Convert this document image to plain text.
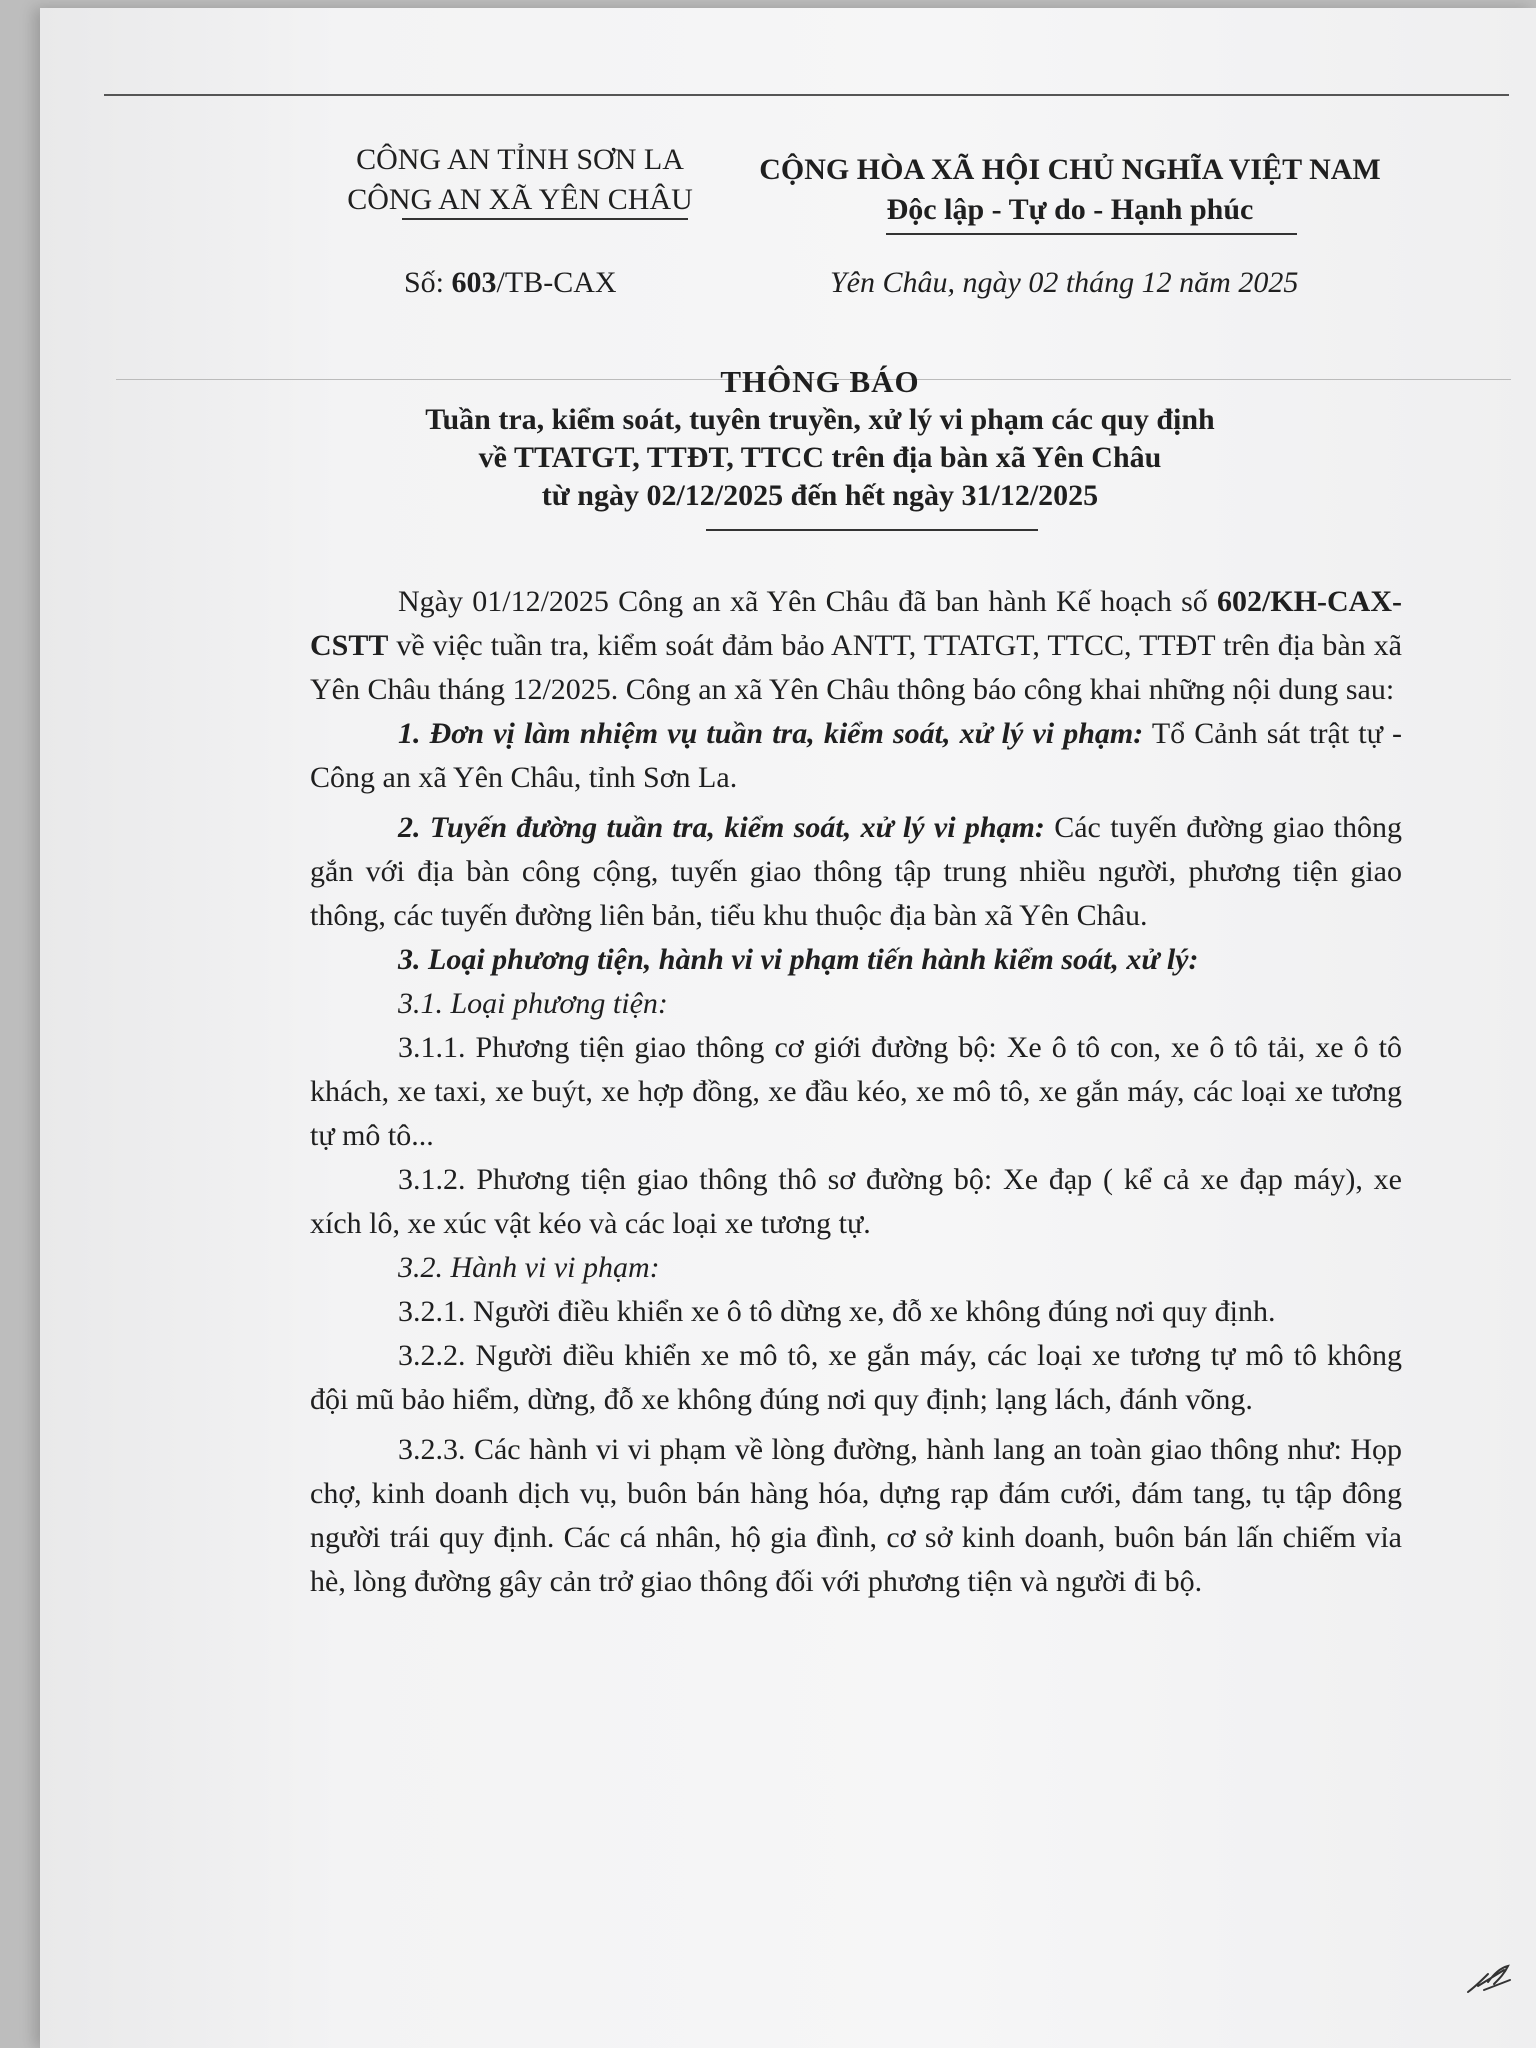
CÔNG AN TỈNH SƠN LA
CÔNG AN XÃ YÊN CHÂU
CỘNG HÒA XÃ HỘI CHỦ NGHĨA VIỆT NAM
Độc lập - Tự do - Hạnh phúc
Số: 603/TB-CAX	Yên Châu, ngày 02 tháng 12 năm 2025
THÔNG BÁO
Tuần tra, kiểm soát, tuyên truyền, xử lý vi phạm các quy định
về TTATGT, TTĐT, TTCC trên địa bàn xã Yên Châu
từ ngày 02/12/2025 đến hết ngày 31/12/2025

Ngày 01/12/2025 Công an xã Yên Châu đã ban hành Kế hoạch số 602/KH-CAX-CSTT về việc tuần tra, kiểm soát đảm bảo ANTT, TTATGT, TTCC, TTĐT trên địa bàn xã Yên Châu tháng 12/2025. Công an xã Yên Châu thông báo công khai những nội dung sau:

1. Đơn vị làm nhiệm vụ tuần tra, kiểm soát, xử lý vi phạm: Tổ Cảnh sát trật tự - Công an xã Yên Châu, tỉnh Sơn La.

2. Tuyến đường tuần tra, kiểm soát, xử lý vi phạm: Các tuyến đường giao thông gắn với địa bàn công cộng, tuyến giao thông tập trung nhiều người, phương tiện giao thông, các tuyến đường liên bản, tiểu khu thuộc địa bàn xã Yên Châu.

3. Loại phương tiện, hành vi vi phạm tiến hành kiểm soát, xử lý:

3.1. Loại phương tiện:

3.1.1. Phương tiện giao thông cơ giới đường bộ: Xe ô tô con, xe ô tô tải, xe ô tô khách, xe taxi, xe buýt, xe hợp đồng, xe đầu kéo, xe mô tô, xe gắn máy, các loại xe tương tự mô tô...

3.1.2. Phương tiện giao thông thô sơ đường bộ: Xe đạp ( kể cả xe đạp máy), xe xích lô, xe xúc vật kéo và các loại xe tương tự.

3.2. Hành vi vi phạm:

3.2.1. Người điều khiển xe ô tô dừng xe, đỗ xe không đúng nơi quy định.

3.2.2. Người điều khiển xe mô tô, xe gắn máy, các loại xe tương tự mô tô không đội mũ bảo hiểm, dừng, đỗ xe không đúng nơi quy định; lạng lách, đánh võng.

3.2.3. Các hành vi vi phạm về lòng đường, hành lang an toàn giao thông như: Họp chợ, kinh doanh dịch vụ, buôn bán hàng hóa, dựng rạp đám cưới, đám tang, tụ tập đông người trái quy định. Các cá nhân, hộ gia đình, cơ sở kinh doanh, buôn bán lấn chiếm vỉa hè, lòng đường gây cản trở giao thông đối với phương tiện và người đi bộ.
